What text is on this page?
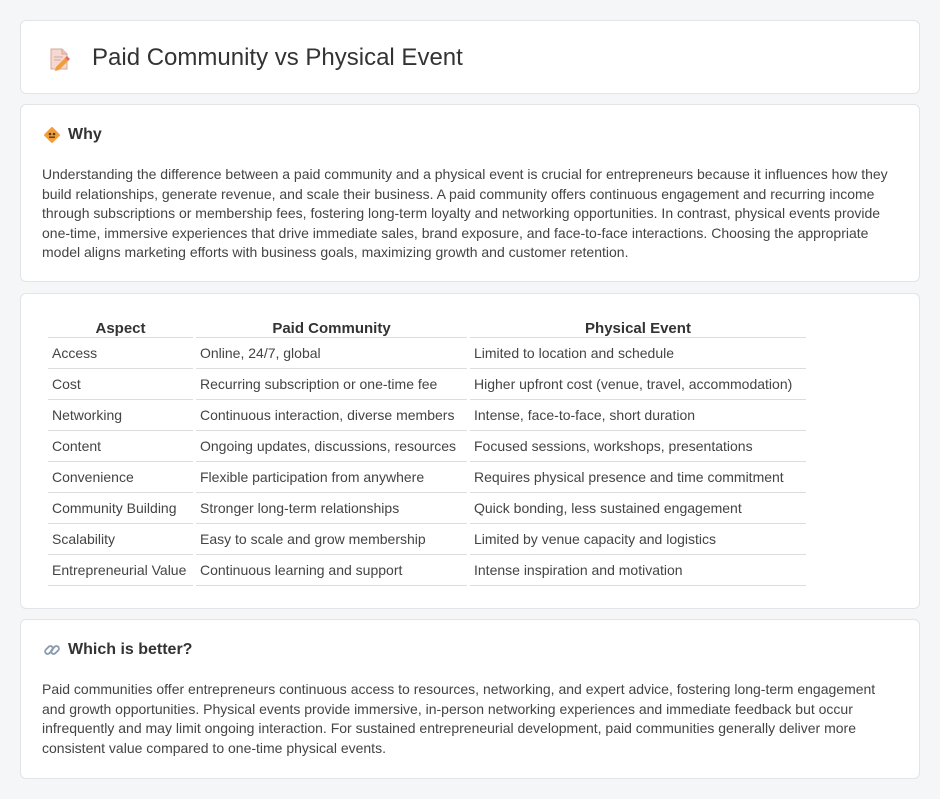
Paid Community vs Physical Event
Why

Understanding the difference between a paid community and a physical event is crucial for entrepreneurs because it influences how they build relationships, generate revenue, and scale their business. A paid community offers continuous engagement and recurring income through subscriptions or membership fees, fostering long-term loyalty and networking opportunities. In contrast, physical events provide one-time, immersive experiences that drive immediate sales, brand exposure, and face-to-face interactions. Choosing the appropriate model aligns marketing efforts with business goals, maximizing growth and customer retention.

Aspect	Paid Community	Physical Event
Access	Online, 24/7, global	Limited to location and schedule
Cost	Recurring subscription or one-time fee	Higher upfront cost (venue, travel, accommodation)
Networking	Continuous interaction, diverse members	Intense, face-to-face, short duration
Content	Ongoing updates, discussions, resources	Focused sessions, workshops, presentations
Convenience	Flexible participation from anywhere	Requires physical presence and time commitment
Community Building	Stronger long-term relationships	Quick bonding, less sustained engagement
Scalability	Easy to scale and grow membership	Limited by venue capacity and logistics
Entrepreneurial Value	Continuous learning and support	Intense inspiration and motivation
Which is better?

Paid communities offer entrepreneurs continuous access to resources, networking, and expert advice, fostering long-term engagement and growth opportunities. Physical events provide immersive, in-person networking experiences and immediate feedback but occur infrequently and may limit ongoing interaction. For sustained entrepreneurial development, paid communities generally deliver more consistent value compared to one-time physical events.
